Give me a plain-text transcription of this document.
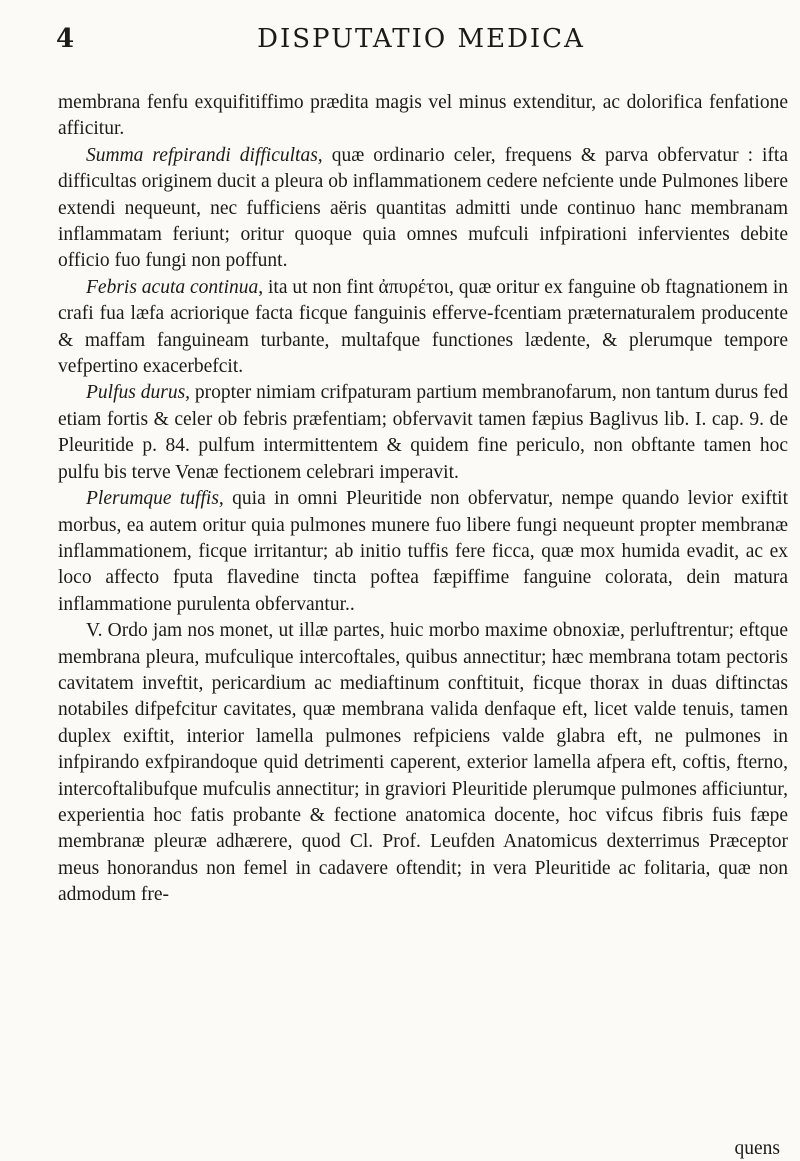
4	DISPUTATIO MEDICA

membrana fenfu exquifitiffimo prædita magis vel minus extenditur, ac dolorifica fenfatione afficitur.

Summa refpirandi difficultas, quæ ordinario celer, frequens & parva obfervatur : ifta difficultas originem ducit a pleura ob inflammationem cedere nefciente unde Pulmones libere extendi nequeunt, nec fufficiens aëris quantitas admitti unde continuo hanc membranam inflammatam feriunt; oritur quoque quia omnes mufculi infpirationi infervientes debite officio fuo fungi non poffunt.

Febris acuta continua, ita ut non fint ἀπυρέτοι, quæ oritur ex fanguine ob ftagnationem in crafi fua læfa acriorique facta ficque fanguinis efferve-fcentiam præternaturalem producente & maffam fanguineam turbante, multafque functiones lædente, & plerumque tempore vefpertino exacerbefcit.

Pulfus durus, propter nimiam crifpaturam partium membranofarum, non tantum durus fed etiam fortis & celer ob febris præfentiam; obfervavit tamen fæpius Baglivus lib. I. cap. 9. de Pleuritide p. 84. pulfum intermittentem & quidem fine periculo, non obftante tamen hoc pulfu bis terve Venæ fectionem celebrari imperavit.

Plerumque tuffis, quia in omni Pleuritide non obfervatur, nempe quando levior exiftit morbus, ea autem oritur quia pulmones munere fuo libere fungi nequeunt propter membranæ inflammationem, ficque irritantur; ab initio tuffis fere ficca, quæ mox humida evadit, ac ex loco affecto fputa flavedine tincta poftea fæpiffime fanguine colorata, dein matura inflammatione purulenta obfervantur..

V. Ordo jam nos monet, ut illæ partes, huic morbo maxime obnoxiæ, perluftrentur; eftque membrana pleura, mufculique intercoftales, quibus annectitur; hæc membrana totam pectoris cavitatem inveftit, pericardium ac mediaftinum conftituit, ficque thorax in duas diftinctas notabiles difpefcitur cavitates, quæ membrana valida denfaque eft, licet valde tenuis, tamen duplex exiftit, interior lamella pulmones refpiciens valde glabra eft, ne pulmones in infpirando exfpirandoque quid detrimenti caperent, exterior lamella afpera eft, coftis, fterno, intercoftalibufque mufculis annectitur; in graviori Pleuritide plerumque pulmones afficiuntur, experientia hoc fatis probante & fectione anatomica docente, hoc vifcus fibris fuis fæpe membranæ pleuræ adhærere, quod Cl. Prof. Leufden Anatomicus dexterrimus Præceptor meus honorandus non femel in cadavere oftendit; in vera Pleuritide ac folitaria, quæ non admodum fre-

quens
